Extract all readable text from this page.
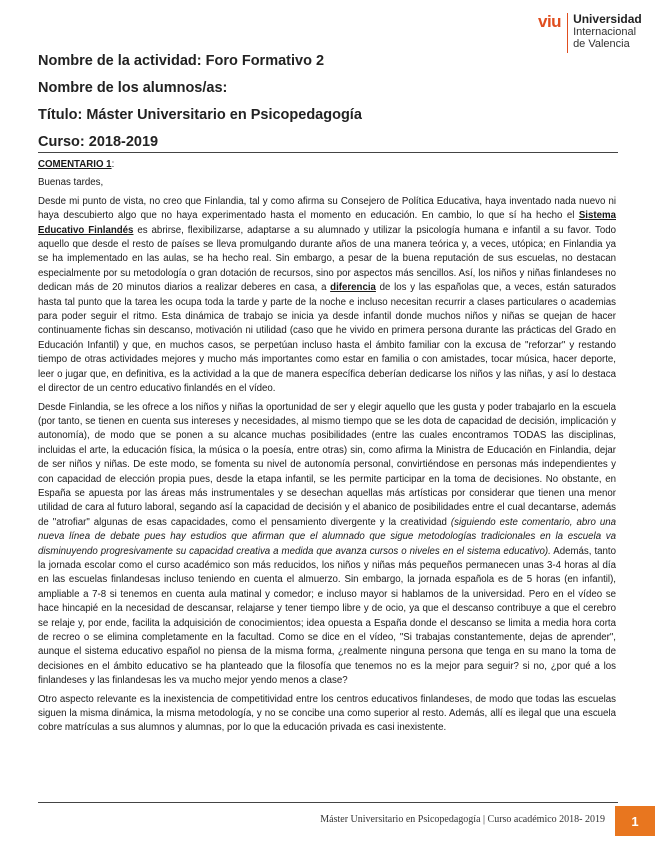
viu Universidad
Internacional
de Valencia
Nombre de la actividad: Foro Formativo 2
Nombre de los alumnos/as:
Título: Máster Universitario en Psicopedagogía
Curso: 2018-2019

COMENTARIO 1:

Buenas tardes,

Desde mi punto de vista, no creo que Finlandia, tal y como afirma su Consejero de Política Educativa, haya inventado nada nuevo ni haya descubierto algo que no haya experimentado hasta el momento en educación. En cambio, lo que sí ha hecho el Sistema Educativo Finlandés es abrirse, flexibilizarse, adaptarse a su alumnado y utilizar la psicología humana e infantil a su favor. Todo aquello que desde el resto de países se lleva promulgando durante años de una manera teórica y, a veces, utópica; en Finlandia ya se ha implementado en las aulas, se ha hecho real. Sin embargo, a pesar de la buena reputación de sus escuelas, no destacan especialmente por su metodología o gran dotación de recursos, sino por aspectos más sencillos. Así, los niños y niñas finlandeses no dedican más de 20 minutos diarios a realizar deberes en casa, a diferencia de los y las españolas que, a veces, están saturados hasta tal punto que la tarea les ocupa toda la tarde y parte de la noche e incluso necesitan recurrir a clases particulares o academias para poder seguir el ritmo. Esta dinámica de trabajo se inicia ya desde infantil donde muchos niños y niñas se quejan de hacer continuamente fichas sin descanso, motivación ni utilidad (caso que he vivido en primera persona durante las prácticas del Grado en Educación Infantil) y que, en muchos casos, se perpetúan incluso hasta el ámbito familiar con la excusa de "reforzar" y restando tiempo de otras actividades mejores y mucho más importantes como estar en familia o con amistades, tocar música, hacer deporte, leer o jugar que, en definitiva, es la actividad a la que de manera específica deberían dedicarse los niños y las niñas, y así lo destaca el director de un centro educativo finlandés en el vídeo.

Desde Finlandia, se les ofrece a los niños y niñas la oportunidad de ser y elegir aquello que les gusta y poder trabajarlo en la escuela (por tanto, se tienen en cuenta sus intereses y necesidades, al mismo tiempo que se les dota de capacidad de decisión, implicación y autonomía), de modo que se ponen a su alcance muchas posibilidades (entre las cuales encontramos TODAS las disciplinas, incluidas el arte, la educación física, la música o la poesía, entre otras) sin, como afirma la Ministra de Educación en Finlandia, dejar de ser niños y niñas. De este modo, se fomenta su nivel de autonomía personal, convirtiéndose en personas más independientes y con capacidad de elección propia pues, desde la etapa infantil, se les permite participar en la toma de decisiones. No obstante, en España se apuesta por las áreas más instrumentales y se desechan aquellas más artísticas por considerar que tienen una menor utilidad de cara al futuro laboral, segando así la capacidad de decisión y el abanico de posibilidades entre el cual decantarse, además de "atrofiar" algunas de esas capacidades, como el pensamiento divergente y la creatividad (siguiendo este comentario, abro una nueva línea de debate pues hay estudios que afirman que el alumnado que sigue metodologías tradicionales en la escuela va disminuyendo progresivamente su capacidad creativa a medida que avanza cursos o niveles en el sistema educativo). Además, tanto la jornada escolar como el curso académico son más reducidos, los niños y niñas más pequeños permanecen unas 3-4 horas al día en las escuelas finlandesas incluso teniendo en cuenta el almuerzo. Sin embargo, la jornada española es de 5 horas (en infantil), ampliable a 7-8 si tenemos en cuenta aula matinal y comedor; e incluso mayor si hablamos de la universidad. Pero en el vídeo se hace hincapié en la necesidad de descansar, relajarse y tener tiempo libre y de ocio, ya que el descanso contribuye a que el cerebro se relaje y, por ende, facilita la adquisición de conocimientos; idea opuesta a España donde el descanso se limita a media hora corta de recreo o se elimina completamente en la facultad. Como se dice en el vídeo, "Si trabajas constantemente, dejas de aprender", aunque el sistema educativo español no piensa de la misma forma, ¿realmente ninguna persona que tenga en su mano la toma de decisiones en el ámbito educativo se ha planteado que la filosofía que tenemos no es la mejor para seguir? si no, ¿por qué a los finlandeses y las finlandesas les va mucho mejor yendo menos a clase?

Otro aspecto relevante es la inexistencia de competitividad entre los centros educativos finlandeses, de modo que todas las escuelas siguen la misma dinámica, la misma metodología, y no se concibe una como superior al resto. Además, allí es ilegal que una escuela cobre matrículas a sus alumnos y alumnas, por lo que la educación privada es casi inexistente.

Máster Universitario en Psicopedagogía | Curso académico 2018- 2019	1
